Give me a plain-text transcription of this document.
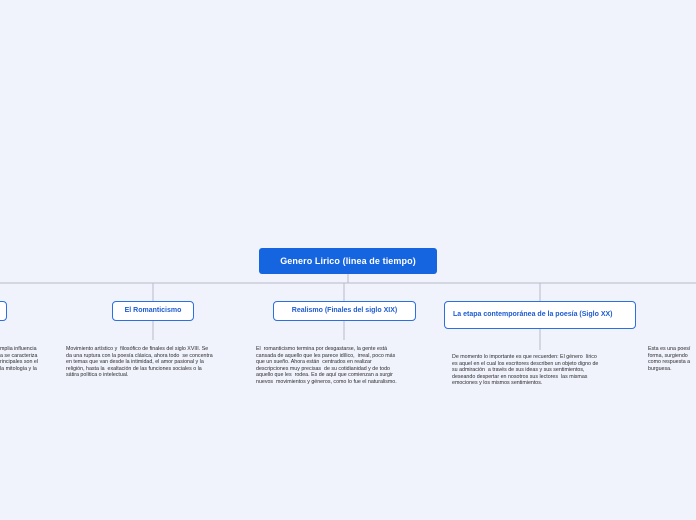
Genero Lirico (linea de tiempo)
El Romanticismo	Realismo (Finales del siglo XIX)
La etapa contemporánea de la poesía (Siglo XX)
mplia influencia
a se caracteriza
rincipales son el
la mitología y la
Movimiento artístico y  filosófico de finales del siglo XVIII. Se
da una ruptura con la poesía clásica, ahora todo  se concentra
en temas que van desde la intimidad, el amor pasional y la
religión, hasta la  exaltación de las funciones sociales o la
sátira política o intelectual.
El  romanticismo termina por desgastarse, la gente está
cansada de aquello que les parece idílico,  irreal, poco más
que un sueño. Ahora están  centrados en realizar
descripciones muy precisas  de su cotidianidad y de todo
aquello que les  rodea. Es de aquí que comienzan a surgir
nuevos  movimientos y géneros, como lo fue el naturalismo.
De momento lo importante es que recuerden: El género  lírico
es aquel en el cual los escritores describen un objeto digno de
su admiración  a través de sus ideas y sus sentimientos,
deseando despertar en nosotros sus lectores  las mismas
emociones y los mismos sentimientos.
Esta es una poesí
forma, surgiendo
como respuesta a
burguesa.
